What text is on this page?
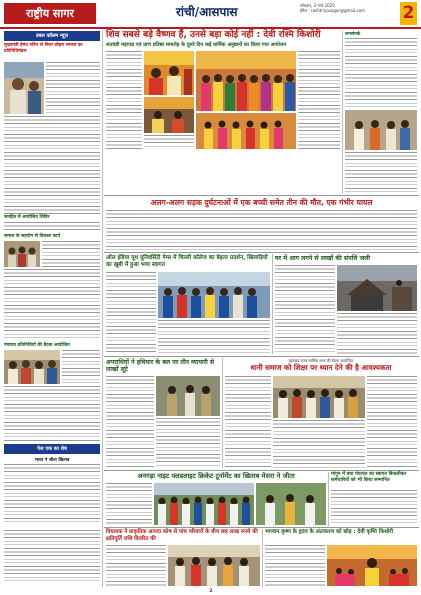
राष्ट्रीय सागर	रांची/आसपास	सोमवार, 3 मार्च 2025
ईमेल : rashtriyasagar@gmail.com	2
डबल कॉलम न्यूज़
मुख्यमंत्री हेमंत सोरेन से मिला लोहरा समाज का प्रतिनिधिमंडल
जनहित में आयोजित शिविर
समाज के सहयोग से विकास कार्य
पंचायत प्रतिनिधियों की बैठक आयोजित
पेज एक का शेष
भारत ने जीता खिताब
शिव सबसे बड़े वैष्णव हैं, उनसे बड़ा कोई नहीं : देवी रश्मि किशोरी
शतचंडी महायज्ञ एवं प्राण प्रतिष्ठा समारोह के दूसरे दिन कई धार्मिक अनुष्ठानों का किया गया आयोजन
जनसंपर्क
अलग-अलग सड़क दुर्घटनाओं में एक बच्ची समेत तीन की मौत, एक गंभीर घायल
ऑल इंडिया यूथ यूनिवर्सिटी गेम्स में चिल्ली कॉलेज का बेहतर प्रदर्शन, खिलाड़ियों का खूबी में हुआ भव्य स्वागत
घर में आग लगने से लाखों की संपत्ति जली
अपराधियों ने हथियार के बल पर तीन व्यापारी से लाखों लूटे
झारखंड राज्य धार्मिक सभा की बैठक आयोजित
धानी समाज को शिक्षा पर ध्यान देने की है आवश्यकता
अनगड़ा नाइट फ्लडलाइट क्रिकेट टूर्नामेंट का खिताब मेसरा ने जीता	मांगुन में क्या पंचायत का स्वागत बिजलीकर कर्मचारियों को भी किया सम्मानित
विधायक ने प्राकृतिक आपदा कोष से पांच परिवारों के बीच छह लाख रुपये की क्षतिपूर्ति राशि वितरित की
भगवान कृष्ण के हृदय के अंतःकरण को छोड़ : देवी कृष्ति किशोरी
2
